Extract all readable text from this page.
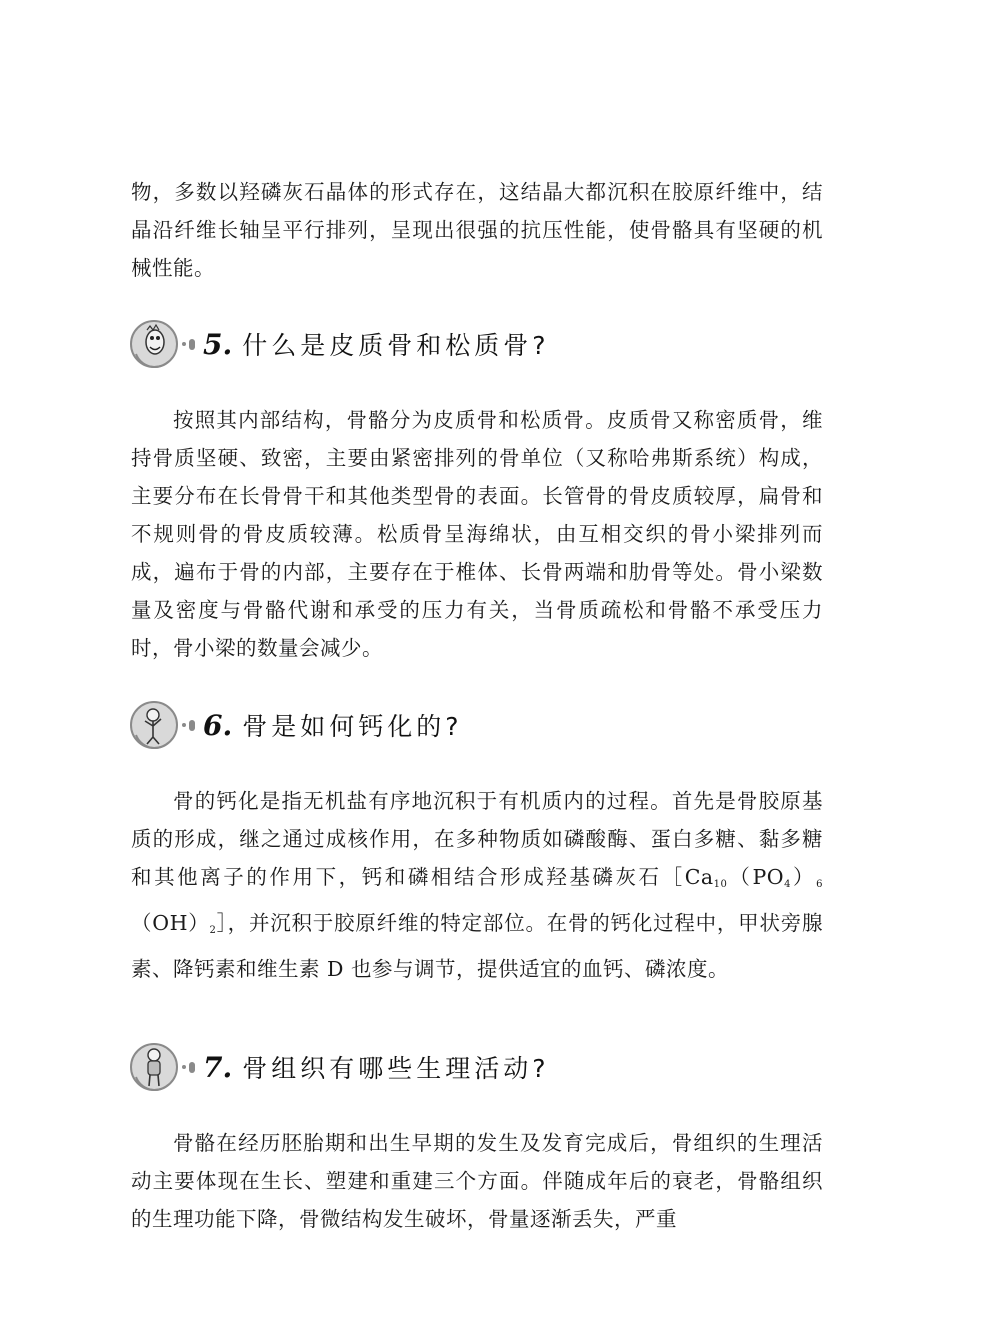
物，多数以羟磷灰石晶体的形式存在，这结晶大都沉积在胶原纤维中，结晶沿纤维长轴呈平行排列，呈现出很强的抗压性能，使骨骼具有坚硬的机械性能。

5. 什么是皮质骨和松质骨?

按照其内部结构，骨骼分为皮质骨和松质骨。皮质骨又称密质骨，维持骨质坚硬、致密，主要由紧密排列的骨单位（又称哈弗斯系统）构成，主要分布在长骨骨干和其他类型骨的表面。长管骨的骨皮质较厚，扁骨和不规则骨的骨皮质较薄。松质骨呈海绵状，由互相交织的骨小梁排列而成，遍布于骨的内部，主要存在于椎体、长骨两端和肋骨等处。骨小梁数量及密度与骨骼代谢和承受的压力有关，当骨质疏松和骨骼不承受压力时，骨小梁的数量会减少。

6. 骨是如何钙化的?

骨的钙化是指无机盐有序地沉积于有机质内的过程。首先是骨胶原基质的形成，继之通过成核作用，在多种物质如磷酸酶、蛋白多糖、黏多糖和其他离子的作用下，钙和磷相结合形成羟基磷灰石$[Ca_{10}(PO_4)_6(OH)_2]$，并沉积于胶原纤维的特定部位。在骨的钙化过程中，甲状旁腺素、降钙素和维生素 D 也参与调节，提供适宜的血钙、磷浓度。

7. 骨组织有哪些生理活动?

骨骼在经历胚胎期和出生早期的发生及发育完成后，骨组织的生理活动主要体现在生长、塑建和重建三个方面。伴随成年后的衰老，骨骼组织的生理功能下降，骨微结构发生破坏，骨量逐渐丢失，严重
